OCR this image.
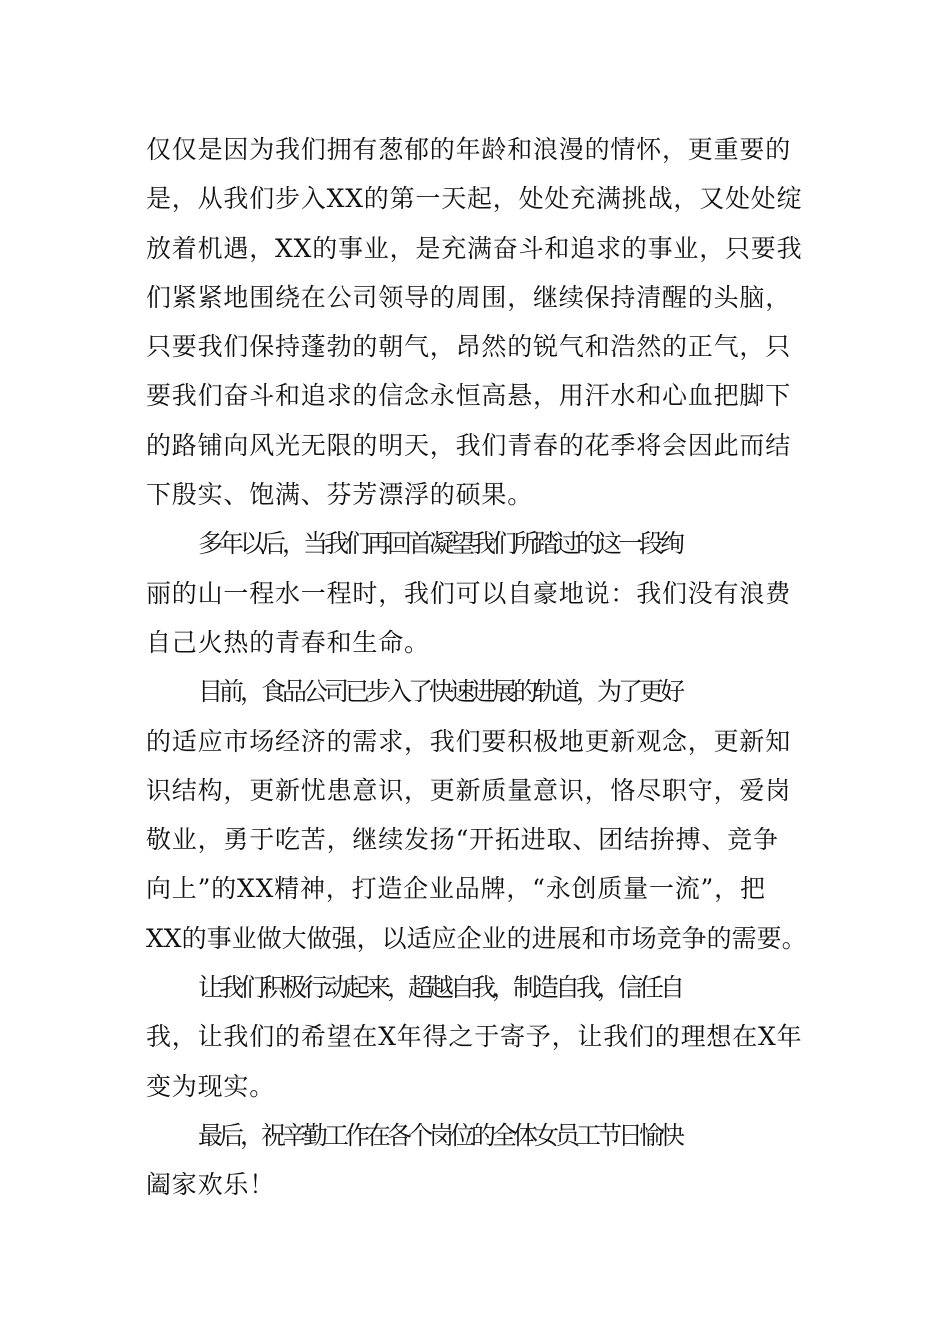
仅仅是因为我们拥有葱郁的年龄和浪漫的情怀，更重要的
是，从我们步入XX的第一天起，处处充满挑战，又处处绽
放着机遇，XX的事业，是充满奋斗和追求的事业，只要我
们紧紧地围绕在公司领导的周围，继续保持清醒的头脑，
只要我们保持蓬勃的朝气，昂然的锐气和浩然的正气，只
要我们奋斗和追求的信念永恒高悬，用汗水和心血把脚下
的路铺向风光无限的明天，我们青春的花季将会因此而结
下殷实、饱满、芬芳漂浮的硕果。
多年以后，当我们再回首凝望我们所踏过的这一段绚
丽的山一程水一程时，我们可以自豪地说：我们没有浪费
自己火热的青春和生命。
目前，食品公司已步入了快速进展的轨道，为了更好
的适应市场经济的需求，我们要积极地更新观念，更新知
识结构，更新忧患意识，更新质量意识，恪尽职守，爱岗
敬业，勇于吃苦，继续发扬“开拓进取、团结拚搏、竞争
向上”的XX精神，打造企业品牌，“永创质量一流”，把
XX的事业做大做强，以适应企业的进展和市场竞争的需要。
让我们积极行动起来，超越自我，制造自我，信任自
我，让我们的希望在X年得之于寄予，让我们的理想在X年
变为现实。
最后，祝辛勤工作在各个岗位的全体女员工节日愉快
阖家欢乐！
